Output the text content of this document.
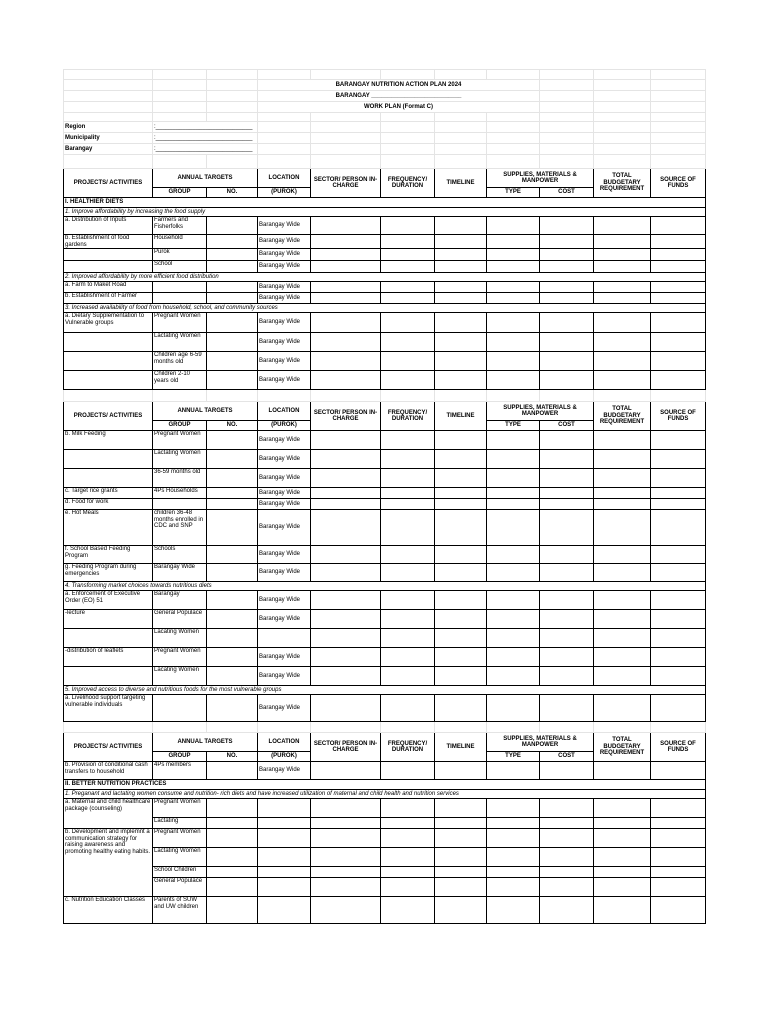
			BARANGAY NUTRITION ACTION PLAN 2024							
			BARANGAY ___________________________							
			WORK PLAN (Format C)							

Region	:_____________________________									
Municipality	:_____________________________									
Barangay	:_____________________________									

PROJECTS/ ACTIVITIES	ANNUAL TARGETS		LOCATION	SECTOR/ PERSON IN-CHARGE	FREQUENCY/ DURATION	TIMELINE	SUPPLIES, MATERIALS & MANPOWER		TOTAL BUDGETARY REQUIREMENT	SOURCE OF FUNDS
	GROUP	NO.	(PUROK)				TYPE	COST		
I. HEALTHIER DIETS										
1. Improve affordability by increasing the food supply										
a. Distribution of Inputs	Farmers and Fisherfolks		Barangay Wide							
b. Establishment of food gardens	Household		Barangay Wide							
	Purok		Barangay Wide							
	School		Barangay Wide							
2. Improved affordability by more efficient food distribution										
a. Farm to Maket Road			Barangay Wide							
b. Establishment of Farmer			Barangay Wide							
3. Increased availability of food from household, school, and community sources										
a. Dietary Supplementation to Vulnerable groups	Pregnant Women		Barangay Wide							
	Lactating Women		Barangay Wide							
	Children age 6-59 months old		Barangay Wide							
	Children 2-10 years old		Barangay Wide							

PROJECTS/ ACTIVITIES	ANNUAL TARGETS		LOCATION	SECTOR/ PERSON IN-CHARGE	FREQUENCY/ DURATION	TIMELINE	SUPPLIES, MATERIALS & MANPOWER		TOTAL BUDGETARY REQUIREMENT	SOURCE OF FUNDS
	GROUP	NO.	(PUROK)				TYPE	COST		
b. Milk Feeding	Pregnant Women		Barangay Wide							
	Lactating Women		Barangay Wide							
	36-59 months old		Barangay Wide							
c. Target rice grants	4Ps Households		Barangay Wide							
d. Food for work			Barangay Wide							
e. Hot Meals	children 36-48 months enrolled in CDC and SNP		Barangay Wide							
f. School Based Feeding Program	Schools		Barangay Wide							
g. Feeding Program during emergencies	Barangay Wide		Barangay Wide							
4. Transforming market choices towards nutritious diets										
a. Enforcement of Executive Order (EO) 51	Barangay		Barangay Wide							
-lecture	General Populace		Barangay Wide							
	Lacating Women									
-distribution of leaflets	Pregnant Women		Barangay Wide							
	Lacating Women		Barangay Wide							
5. Improved access to diverse and nutritious foods for the most vulnerable groups										
a. Livelihood support targeting vulnerable individuals			Barangay Wide							

PROJECTS/ ACTIVITIES	ANNUAL TARGETS		LOCATION	SECTOR/ PERSON IN-CHARGE	FREQUENCY/ DURATION	TIMELINE	SUPPLIES, MATERIALS & MANPOWER		TOTAL BUDGETARY REQUIREMENT	SOURCE OF FUNDS
	GROUP	NO.	(PUROK)				TYPE	COST		
b. Provision of conditional cash transfers to household	4Ps members		Barangay Wide							
II. BETTER NUTRITION PRACTICES										
1. Preganant and lactating women consume and nutrition- rich diets and have increased utilization of maternal and child health and nutrition services										
a. Maternal and child healthcare package (counseling)	Pregnant Women									
	Lactating									
b. Development and implemnt a communication strategy for raising awareness and promoting healthy eating habits.	Pregnant Women									
	Lactating Women									
	School Children									
	General Populace									
c. Nutrition Education Classes	Parents of SUW and UW children									
